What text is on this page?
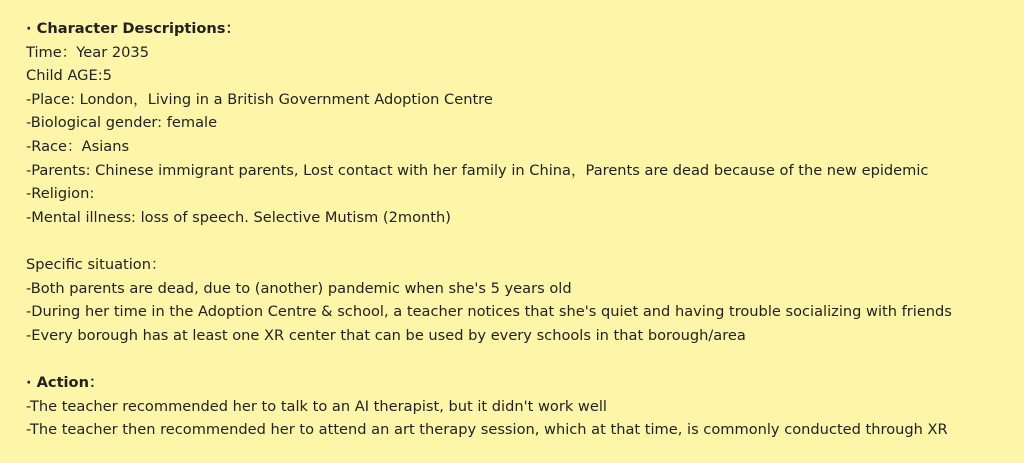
· Character Descriptions：
Time：Year 2035
Child AGE:5
-Place: London，Living in a British Government Adoption Centre
-Biological gender: female
-Race：Asians
-Parents: Chinese immigrant parents, Lost contact with her family in China，Parents are dead because of the new epidemic
-Religion:
-Mental illness: loss of speech. Selective Mutism (2month)
Specific situation：
-Both parents are dead, due to (another) pandemic when she's 5 years old
-During her time in the Adoption Centre & school, a teacher notices that she's quiet and having trouble socializing with friends
-Every borough has at least one XR center that can be used by every schools in that borough/area
· Action：
-The teacher recommended her to talk to an AI therapist, but it didn't work well
-The teacher then recommended her to attend an art therapy session, which at that time, is commonly conducted through XR
